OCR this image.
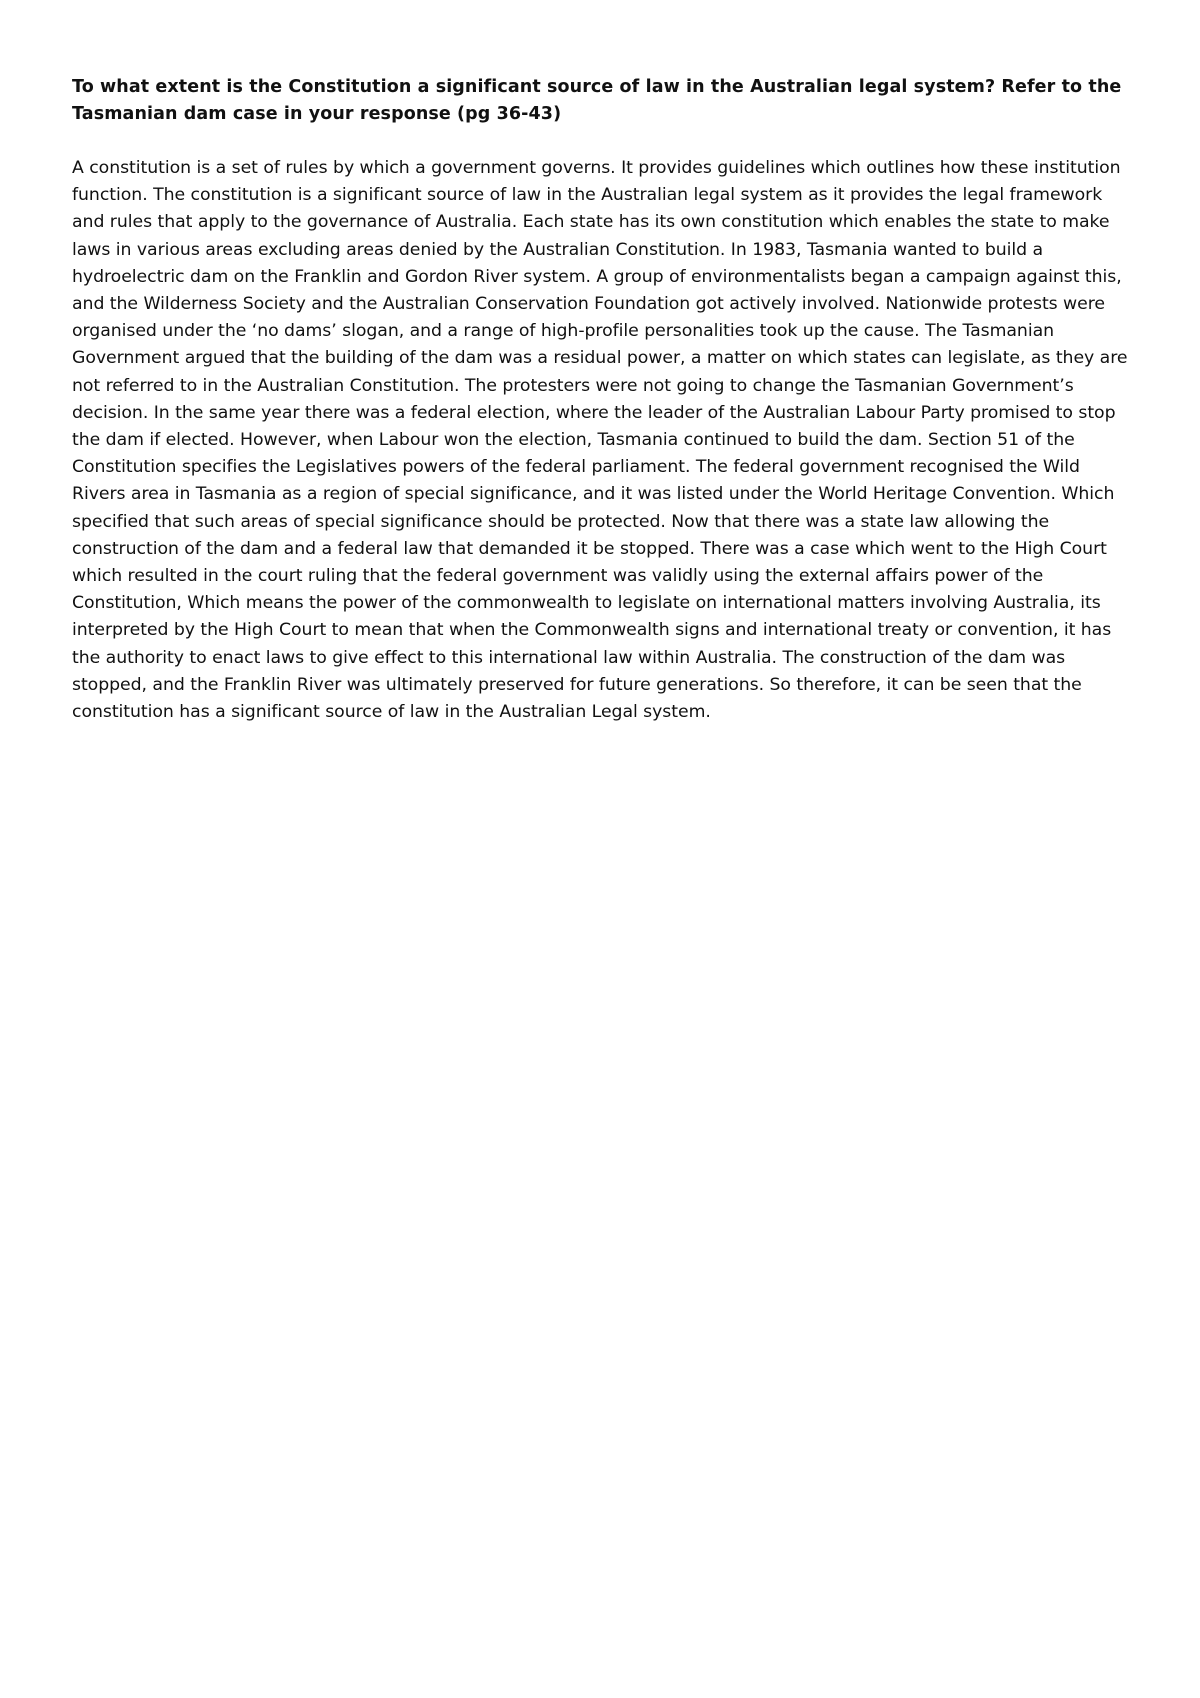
To what extent is the Constitution a significant source of law in the Australian legal system? Refer to the Tasmanian dam case in your response (pg 36-43)

A constitution is a set of rules by which a government governs. It provides guidelines which outlines how these institution function. The constitution is a significant source of law in the Australian legal system as it provides the legal framework and rules that apply to the governance of Australia. Each state has its own constitution which enables the state to make laws in various areas excluding areas denied by the Australian Constitution. In 1983, Tasmania wanted to build a hydroelectric dam on the Franklin and Gordon River system. A group of environmentalists began a campaign against this, and the Wilderness Society and the Australian Conservation Foundation got actively involved. Nationwide protests were organised under the ‘no dams’ slogan, and a range of high-profile personalities took up the cause. The Tasmanian Government argued that the building of the dam was a residual power, a matter on which states can legislate, as they are not referred to in the Australian Constitution. The protesters were not going to change the Tasmanian Government’s decision. In the same year there was a federal election, where the leader of the Australian Labour Party promised to stop the dam if elected. However, when Labour won the election, Tasmania continued to build the dam. Section 51 of the Constitution specifies the Legislatives powers of the federal parliament. The federal government recognised the Wild Rivers area in Tasmania as a region of special significance, and it was listed under the World Heritage Convention. Which specified that such areas of special significance should be protected. Now that there was a state law allowing the construction of the dam and a federal law that demanded it be stopped. There was a case which went to the High Court which resulted in the court ruling that the federal government was validly using the external affairs power of the Constitution, Which means the power of the commonwealth to legislate on international matters involving Australia, its interpreted by the High Court to mean that when the Commonwealth signs and international treaty or convention, it has the authority to enact laws to give effect to this international law within Australia. The construction of the dam was stopped, and the Franklin River was ultimately preserved for future generations. So therefore, it can be seen that the constitution has a significant source of law in the Australian Legal system.
